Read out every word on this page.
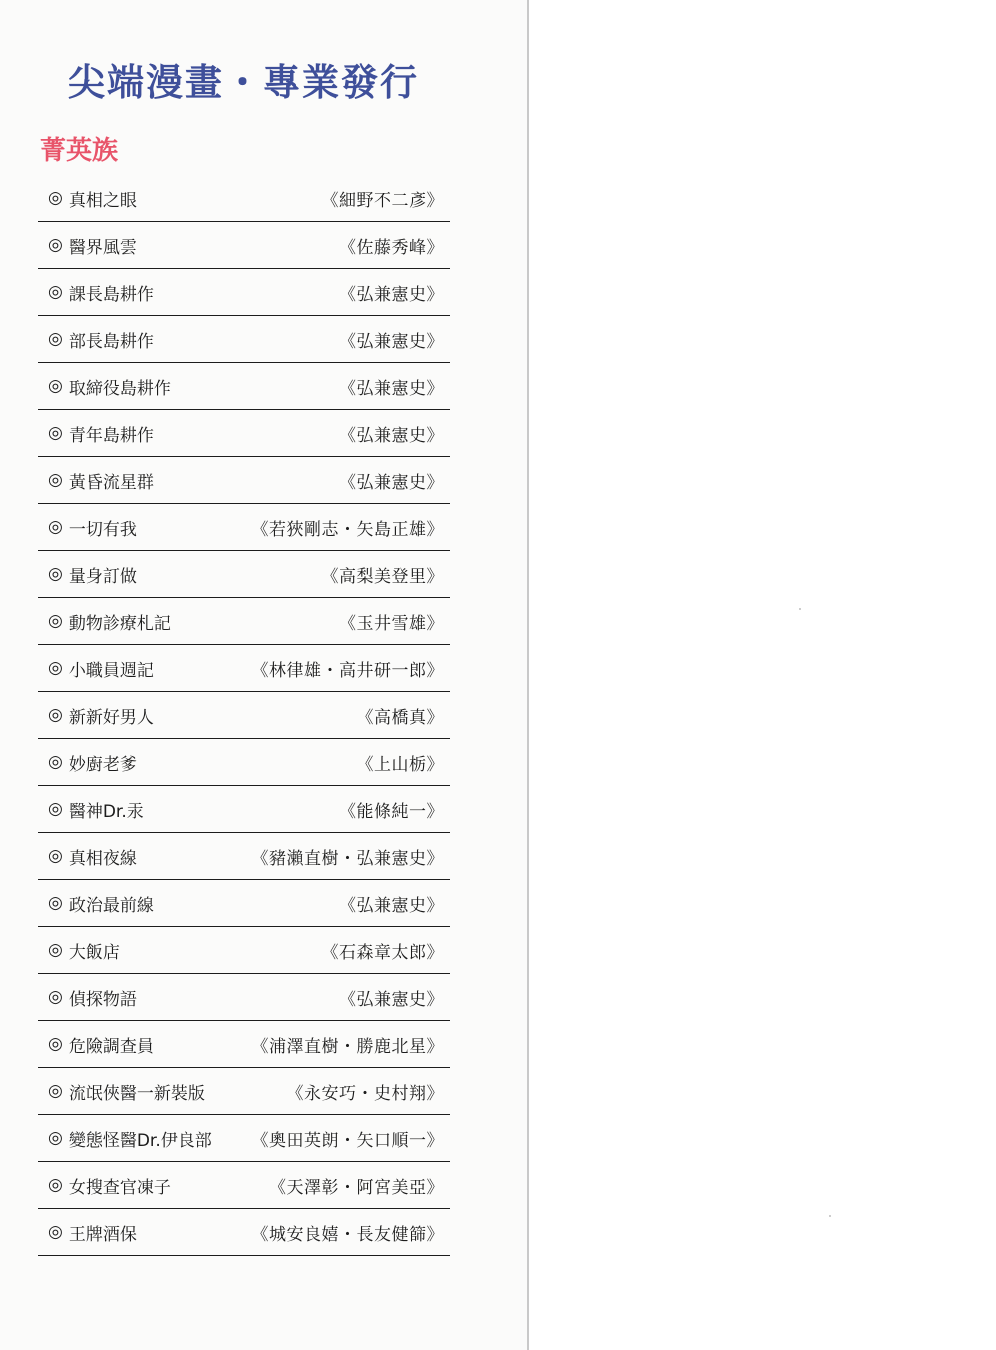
尖端漫畫・專業發行
菁英族
◎ 真相之眼	《細野不二彥》
◎ 醫界風雲	《佐藤秀峰》
◎ 課長島耕作	《弘兼憲史》
◎ 部長島耕作	《弘兼憲史》
◎ 取締役島耕作	《弘兼憲史》
◎ 青年島耕作	《弘兼憲史》
◎ 黃昏流星群	《弘兼憲史》
◎ 一切有我	《若狹剛志・矢島正雄》
◎ 量身訂做	《高梨美登里》
◎ 動物診療札記	《玉井雪雄》
◎ 小職員週記	《林律雄・高井研一郎》
◎ 新新好男人	《高橋真》
◎ 妙廚老爹	《上山栃》
◎ 醫神Dr.汞	《能條純一》
◎ 真相夜線	《豬瀨直樹・弘兼憲史》
◎ 政治最前線	《弘兼憲史》
◎ 大飯店	《石森章太郎》
◎ 偵探物語	《弘兼憲史》
◎ 危險調查員	《浦澤直樹・勝鹿北星》
◎ 流氓俠醫一新裝版	《永安巧・史村翔》
◎ 變態怪醫Dr.伊良部 《奧田英朗・矢口順一》
◎ 女搜查官凍子	《天澤彰・阿宮美亞》
◎ 王牌酒保	《城安良嬉・長友健篩》
